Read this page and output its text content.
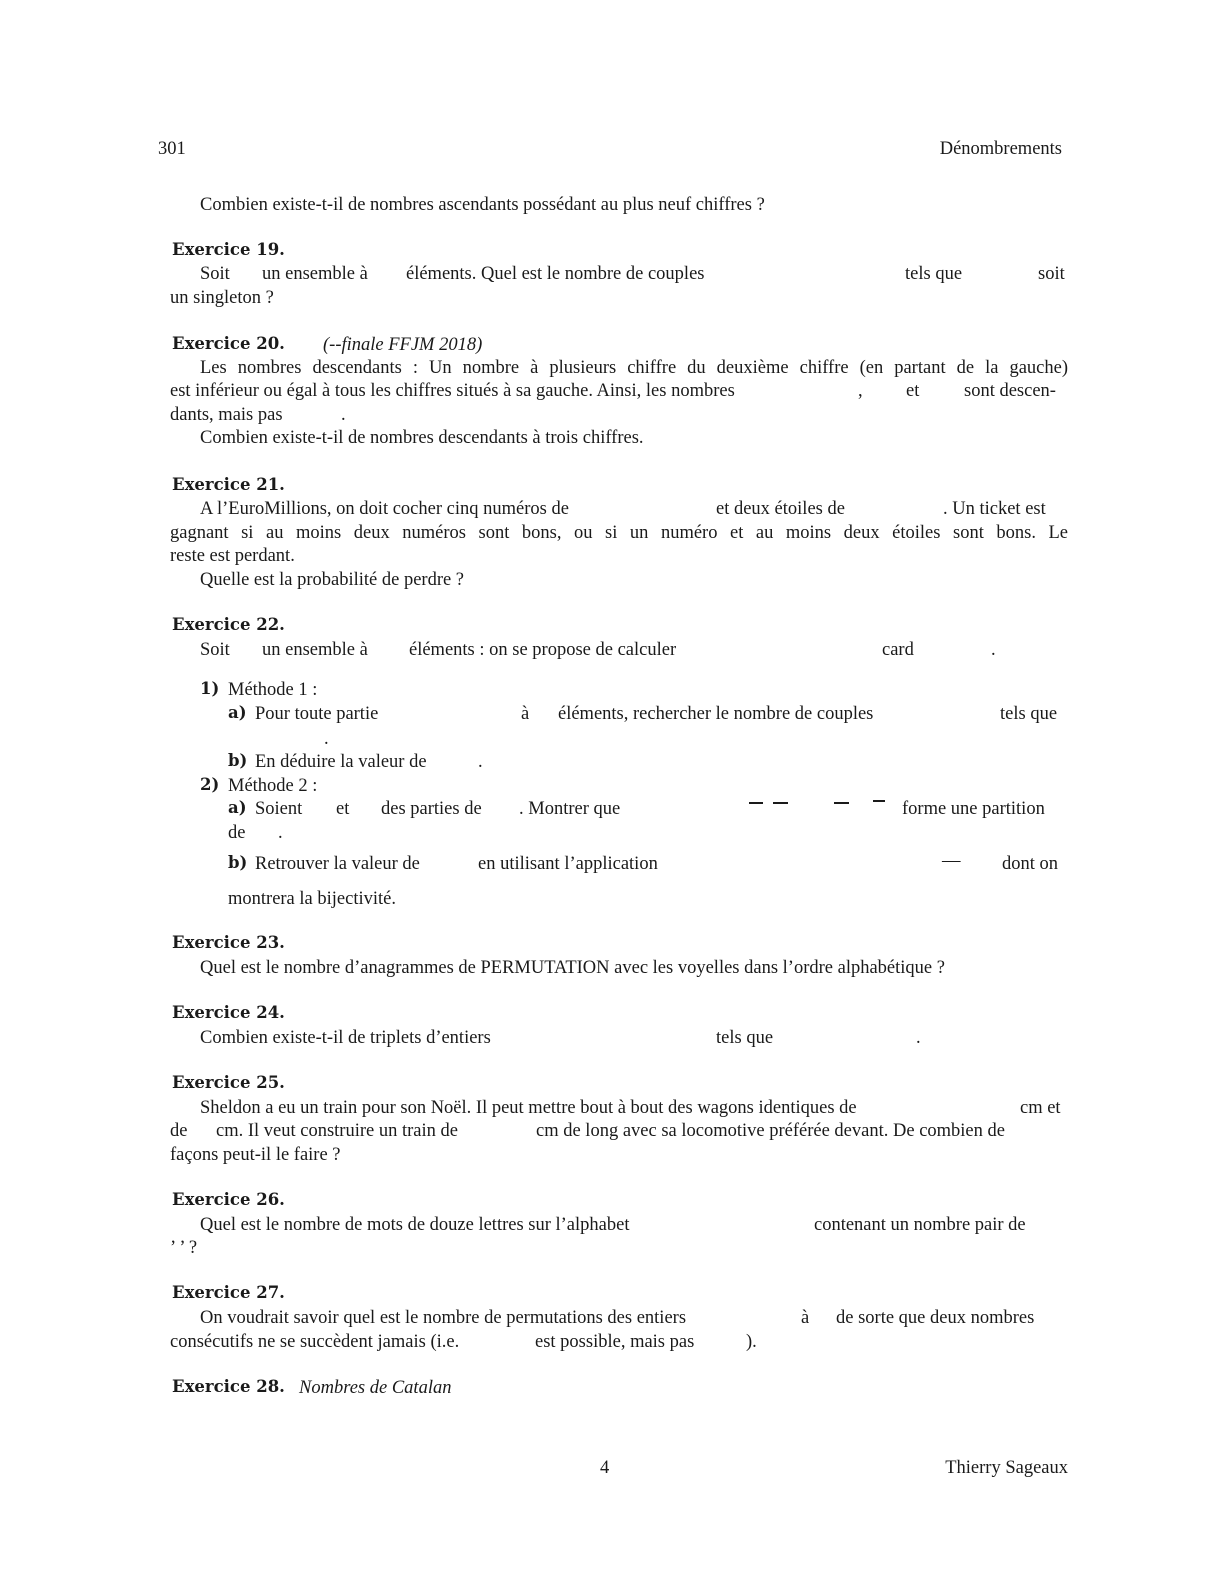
301	Dénombrements
Combien existe-t-il de nombres ascendants possédant au plus neuf chiffres ?
Exercice 19.
Soit un ensemble à éléments. Quel est le nombre de couples	tels que	soit
un singleton ?
Exercice 20. (--finale FFJM 2018)
Les nombres descendants : Un nombre à plusieurs chiffre du deuxième chiffre (en partant de la gauche)
est inférieur ou égal à tous les chiffres situés à sa gauche. Ainsi, les nombres	, et sont descen-
dants, mais pas	.
Combien existe-t-il de nombres descendants à trois chiffres.
Exercice 21.
A l’EuroMillions, on doit cocher cinq numéros de	et deux étoiles de	. Un ticket est
gagnant si au moins deux numéros sont bons, ou si un numéro et au moins deux étoiles sont bons. Le
reste est perdant.
Quelle est la probabilité de perdre ?
Exercice 22.
Soit un ensemble à éléments : on se propose de calculer	card	.
1) Méthode 1 :
a) Pour toute partie	à éléments, rechercher le nombre de couples	tels que
.
b) En déduire la valeur de	.
2) Méthode 2 :
a) Soient et des parties de . Montrer que	forme une partition
de .
b) Retrouver la valeur de	en utilisant l’application	— dont on
montrera la bijectivité.
Exercice 23.
Quel est le nombre d’anagrammes de PERMUTATION avec les voyelles dans l’ordre alphabétique ?
Exercice 24.
Combien existe-t-il de triplets d’entiers	tels que	.
Exercice 25.
Sheldon a eu un train pour son Noël. Il peut mettre bout à bout des wagons identiques de	cm et
de cm. Il veut construire un train de	cm de long avec sa locomotive préférée devant. De combien de
façons peut-il le faire ?
Exercice 26.
Quel est le nombre de mots de douze lettres sur l’alphabet	contenant un nombre pair de
’ ’ ?
Exercice 27.
On voudrait savoir quel est le nombre de permutations des entiers	à de sorte que deux nombres
consécutifs ne se succèdent jamais (i.e.	est possible, mais pas	).
Exercice 28. Nombres de Catalan
4	Thierry Sageaux
